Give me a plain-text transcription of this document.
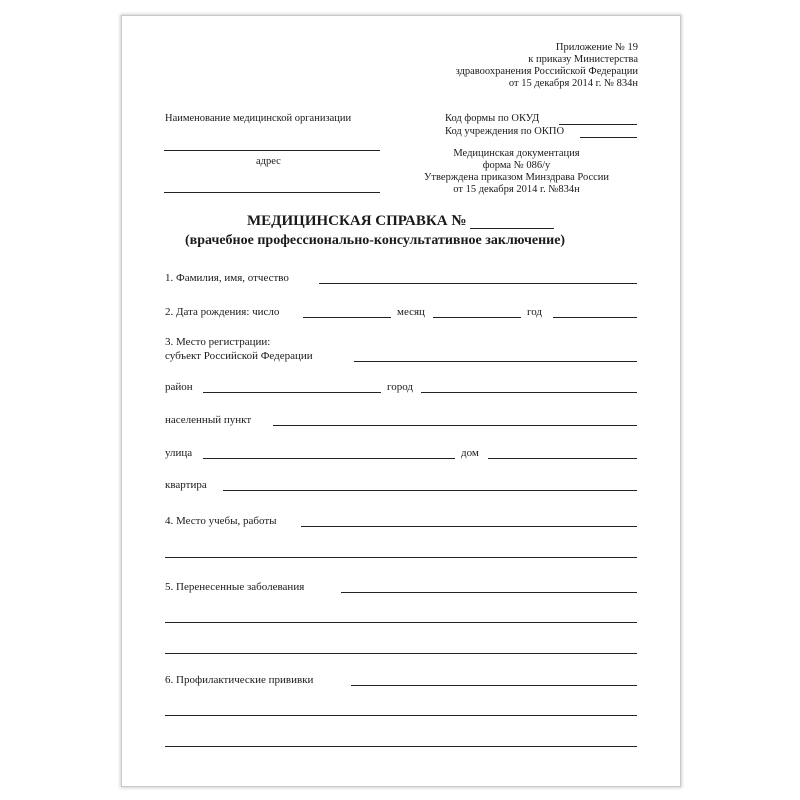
Приложение № 19
к приказу Министерства
здравоохранения Российской Федерации
от 15 декабря 2014 г. № 834н
Наименование медицинской организации
адрес
Код формы по ОКУД
Код учреждения по ОКПО
Медицинская документация
форма № 086/у
Утверждена приказом Минздрава России
от 15 декабря 2014 г. №834н
МЕДИЦИНСКАЯ СПРАВКА №
(врачебное профессионально-консультативное заключение)
1. Фамилия, имя, отчество
2. Дата рождения: число	месяц	год
3. Место регистрации:
субъект Российской Федерации
район	город
населенный пункт
улица	дом
квартира
4. Место учебы, работы
5. Перенесенные заболевания
6. Профилактические прививки
